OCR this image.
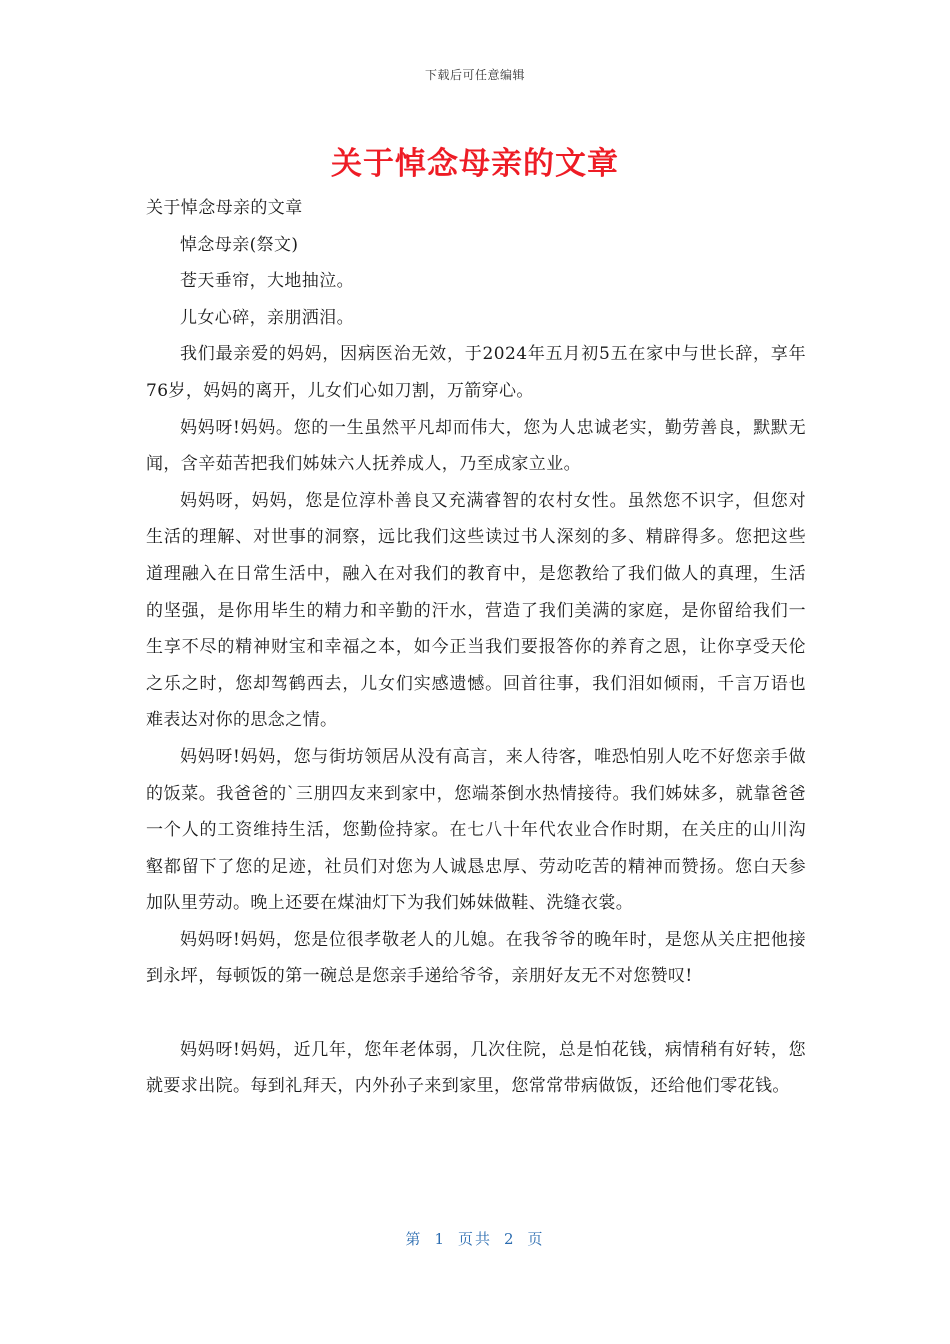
下载后可任意编辑
关于悼念母亲的文章

关于悼念母亲的文章

悼念母亲(祭文)

苍天垂帘，大地抽泣。

儿女心碎，亲朋洒泪。

我们最亲爱的妈妈，因病医治无效，于2024年五月初5五在家中与世长辞，享年76岁，妈妈的离开，儿女们心如刀割，万箭穿心。

妈妈呀!妈妈。您的一生虽然平凡却而伟大，您为人忠诚老实，勤劳善良，默默无闻，含辛茹苦把我们姊妹六人抚养成人，乃至成家立业。

妈妈呀，妈妈，您是位淳朴善良又充满睿智的农村女性。虽然您不识字，但您对生活的理解、对世事的洞察，远比我们这些读过书人深刻的多、精辟得多。您把这些道理融入在日常生活中，融入在对我们的教育中，是您教给了我们做人的真理，生活的坚强，是你用毕生的精力和辛勤的汗水，营造了我们美满的家庭，是你留给我们一生享不尽的精神财宝和幸福之本，如今正当我们要报答你的养育之恩，让你享受天伦之乐之时，您却驾鹤西去，儿女们实感遗憾。回首往事，我们泪如倾雨，千言万语也难表达对你的思念之情。

妈妈呀!妈妈，您与街坊领居从没有高言，来人待客，唯恐怕别人吃不好您亲手做的饭菜。我爸爸的`三朋四友来到家中，您端茶倒水热情接待。我们姊妹多，就靠爸爸一个人的工资维持生活，您勤俭持家。在七八十年代农业合作时期，在关庄的山川沟壑都留下了您的足迹，社员们对您为人诚恳忠厚、劳动吃苦的精神而赞扬。您白天参加队里劳动。晚上还要在煤油灯下为我们姊妹做鞋、洗缝衣裳。

妈妈呀!妈妈，您是位很孝敬老人的儿媳。在我爷爷的晚年时，是您从关庄把他接到永坪，每顿饭的第一碗总是您亲手递给爷爷，亲朋好友无不对您赞叹!

妈妈呀!妈妈，近几年，您年老体弱，几次住院，总是怕花钱，病情稍有好转，您就要求出院。每到礼拜天，内外孙子来到家里，您常常带病做饭，还给他们零花钱。

第 1 页共 2 页
